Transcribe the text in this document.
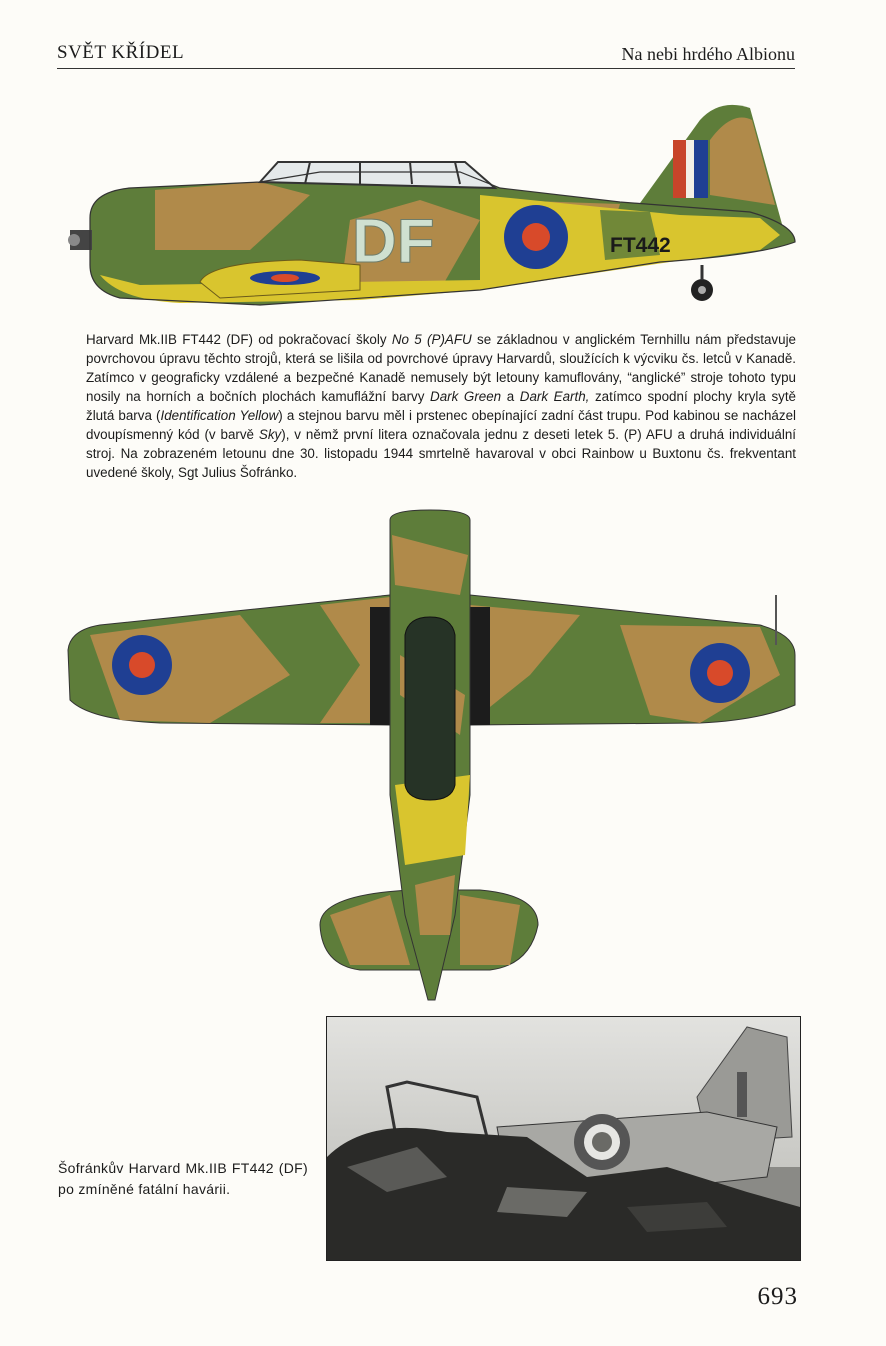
SVĚT KŘÍDEL	Na nebi hrdého Albionu
DF	FT442
Harvard Mk.IIB FT442 (DF) od pokračovací školy No 5 (P)AFU se základnou v anglickém Ternhillu nám představuje povrchovou úpravu těchto strojů, která se lišila od povrchové úpravy Harvardů, sloužících k výcviku čs. letců v Kanadě. Zatímco v geograficky vzdálené a bezpečné Kanadě nemusely být letouny kamuflovány, “anglické” stroje tohoto typu nosily na horních a bočních plochách kamuflážní barvy Dark Green a Dark Earth, zatímco spodní plochy kryla sytě žlutá barva (Identification Yellow) a stejnou barvu měl i prstenec obepínající zadní část trupu. Pod kabinou se nacházel dvoupísmenný kód (v barvě Sky), v němž první litera označovala jednu z deseti letek 5. (P) AFU a druhá individuální stroj. Na zobrazeném letounu dne 30. listopadu 1944 smrtelně havaroval v obci Rainbow u Buxtonu čs. frekventant uvedené školy, Sgt Julius Šofránko.
Šofránkův Harvard Mk.IIB FT442 (DF) po zmíněné fatální havárii.
693
